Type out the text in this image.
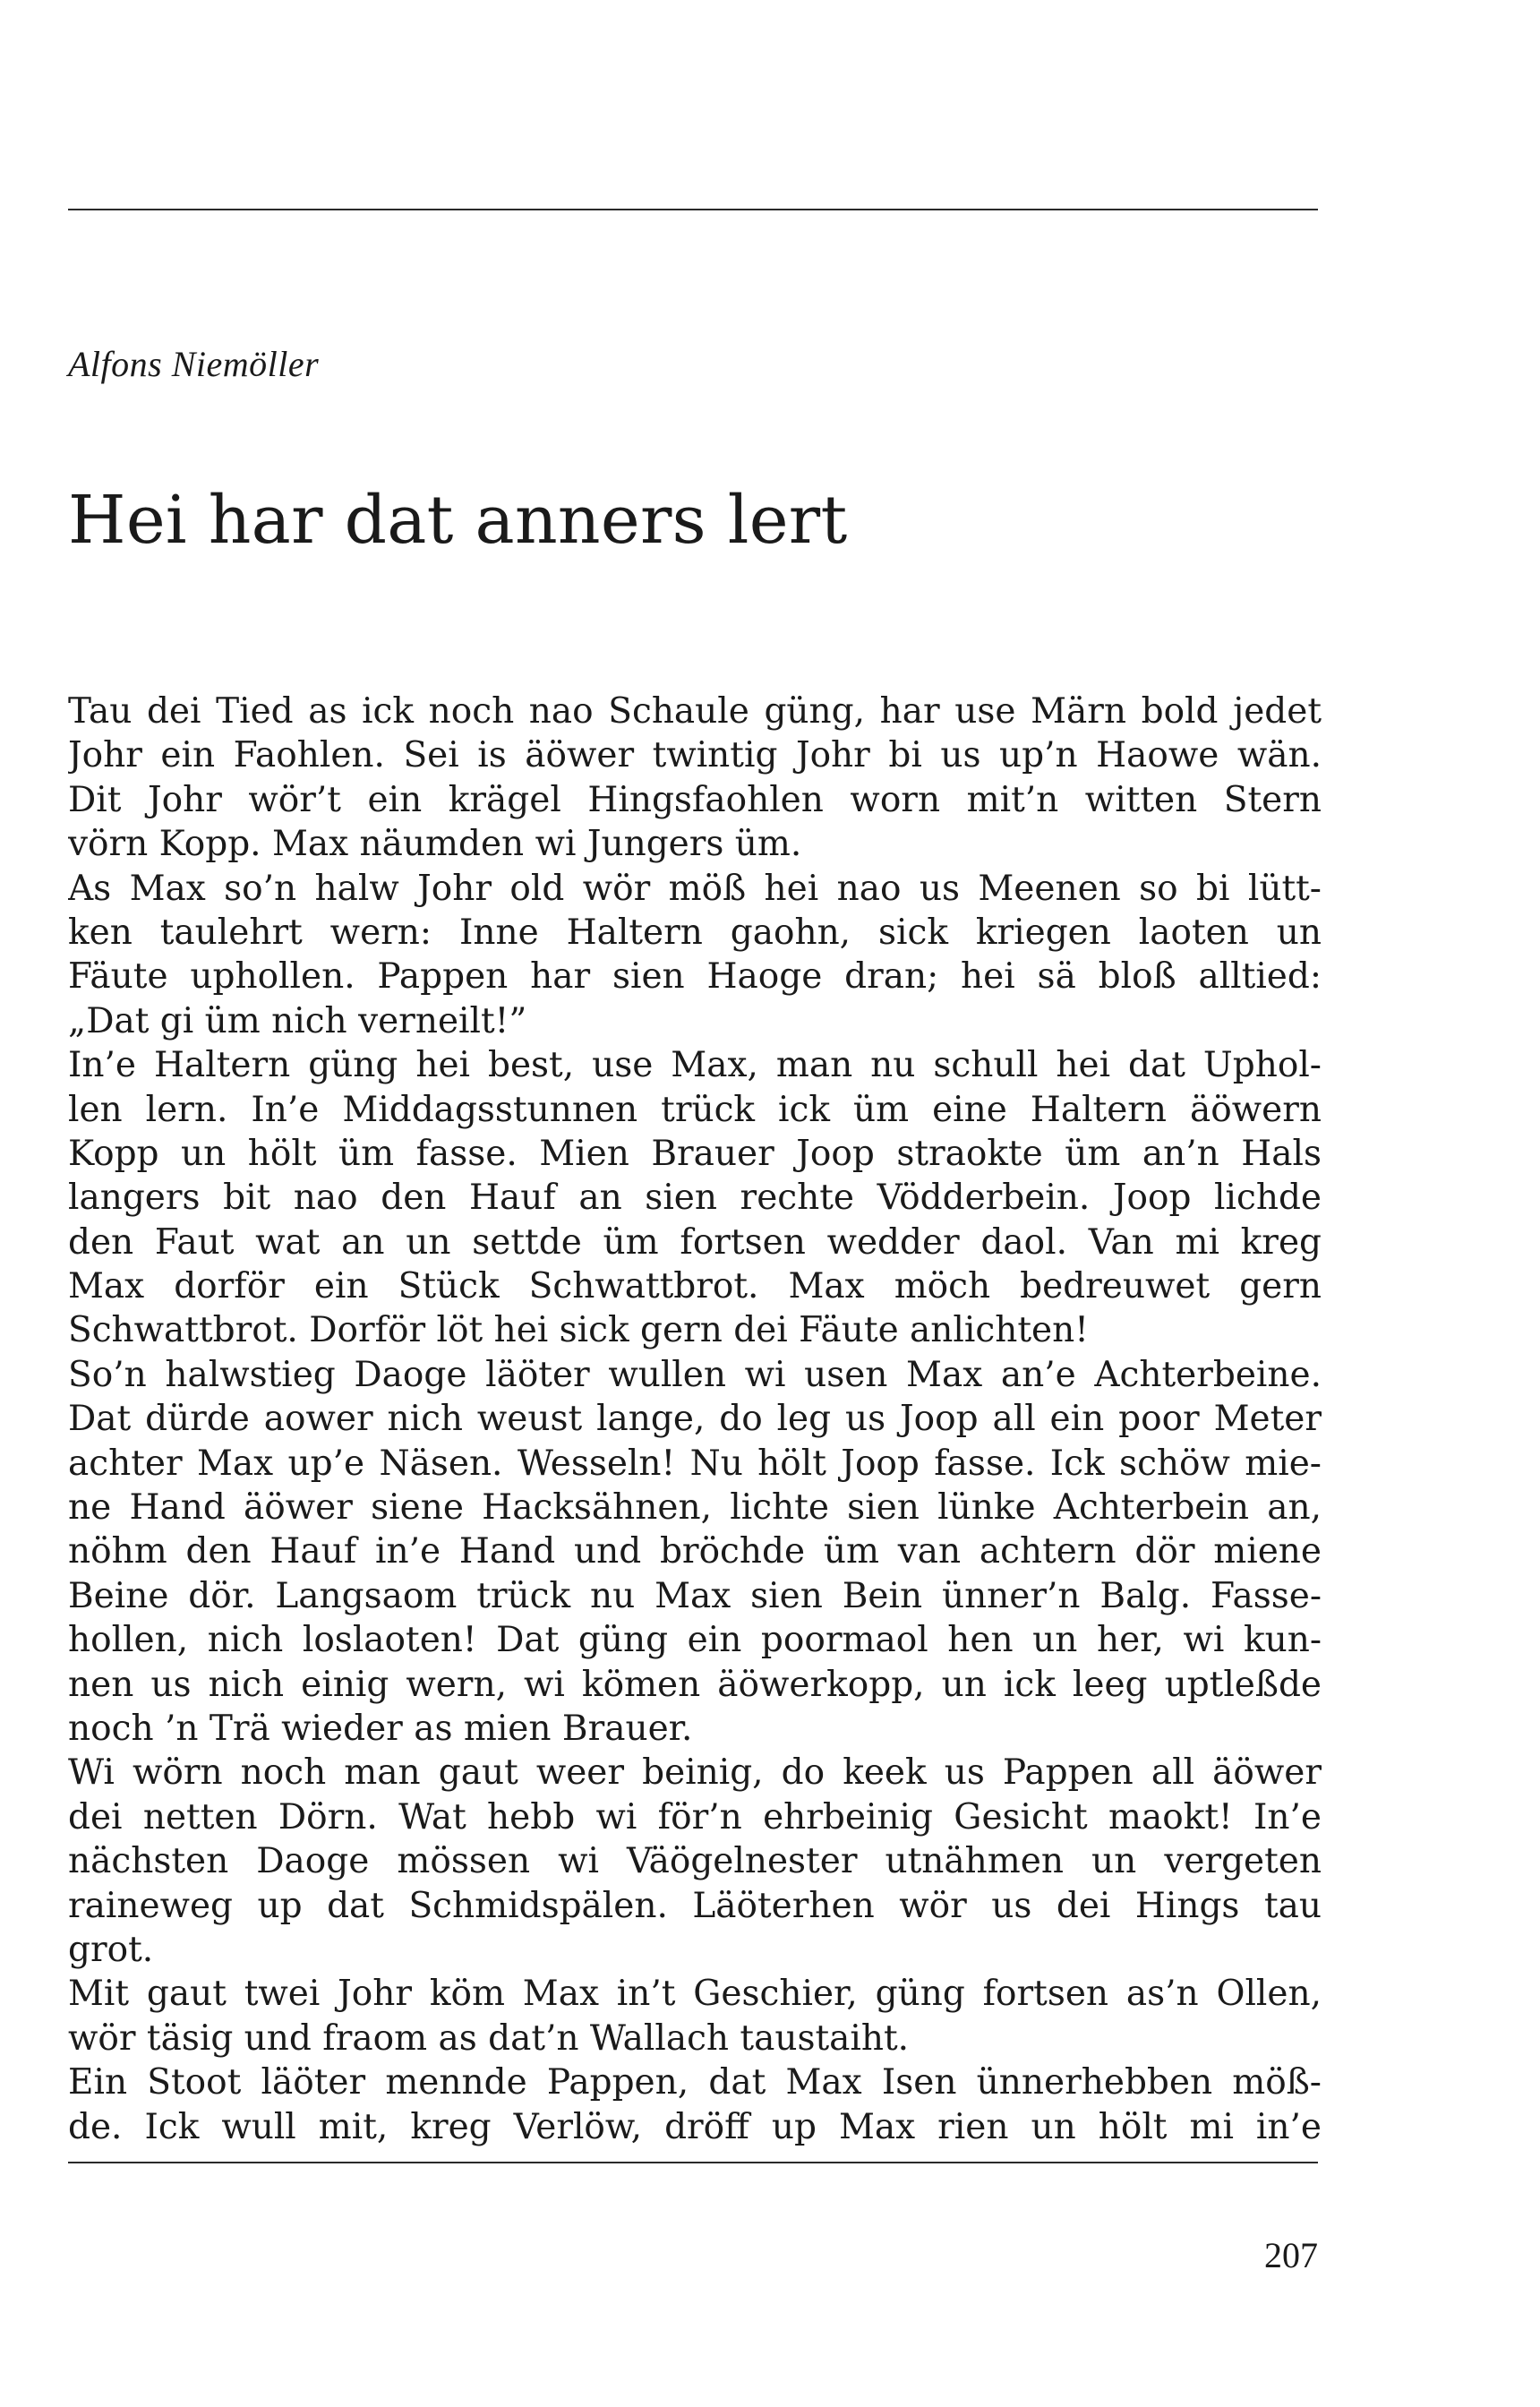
Alfons Niemöller

Hei har dat anners lert
Tau dei Tied as ick noch nao Schaule güng, har use Märn bold jedet
Johr ein Faohlen. Sei is äöwer twintig Johr bi us up’n Haowe wän.
Dit Johr wör’t ein krägel Hingsfaohlen worn mit’n witten Stern
vörn Kopp. Max näumden wi Jungers üm.
As Max so’n halw Johr old wör möß hei nao us Meenen so bi lütt-
ken taulehrt wern: Inne Haltern gaohn, sick kriegen laoten un
Fäute uphollen. Pappen har sien Haoge dran; hei sä bloß alltied:
„Dat gi üm nich verneilt!”
In’e Haltern güng hei best, use Max, man nu schull hei dat Uphol-
len lern. In’e Middagsstunnen trück ick üm eine Haltern äöwern
Kopp un hölt üm fasse. Mien Brauer Joop straokte üm an’n Hals
langers bit nao den Hauf an sien rechte Vödderbein. Joop lichde
den Faut wat an un settde üm fortsen wedder daol. Van mi kreg
Max dorför ein Stück Schwattbrot. Max möch bedreuwet gern
Schwattbrot. Dorför löt hei sick gern dei Fäute anlichten!
So’n halwstieg Daoge läöter wullen wi usen Max an’e Achterbeine.
Dat dürde aower nich weust lange, do leg us Joop all ein poor Meter
achter Max up’e Näsen. Wesseln! Nu hölt Joop fasse. Ick schöw mie-
ne Hand äöwer siene Hacksähnen, lichte sien lünke Achterbein an,
nöhm den Hauf in’e Hand und bröchde üm van achtern dör miene
Beine dör. Langsaom trück nu Max sien Bein ünner’n Balg. Fasse-
hollen, nich loslaoten! Dat güng ein poormaol hen un her, wi kun-
nen us nich einig wern, wi kömen äöwerkopp, un ick leeg uptleßde
noch ’n Trä wieder as mien Brauer.
Wi wörn noch man gaut weer beinig, do keek us Pappen all äöwer
dei netten Dörn. Wat hebb wi för’n ehrbeinig Gesicht maokt! In’e
nächsten Daoge mössen wi Väögelnester utnähmen un vergeten
raineweg up dat Schmidspälen. Läöterhen wör us dei Hings tau
grot.
Mit gaut twei Johr köm Max in’t Geschier, güng fortsen as’n Ollen,
wör täsig und fraom as dat’n Wallach taustaiht.
Ein Stoot läöter mennde Pappen, dat Max Isen ünnerhebben möß-
de. Ick wull mit, kreg Verlöw, dröff up Max rien un hölt mi in’e

207
